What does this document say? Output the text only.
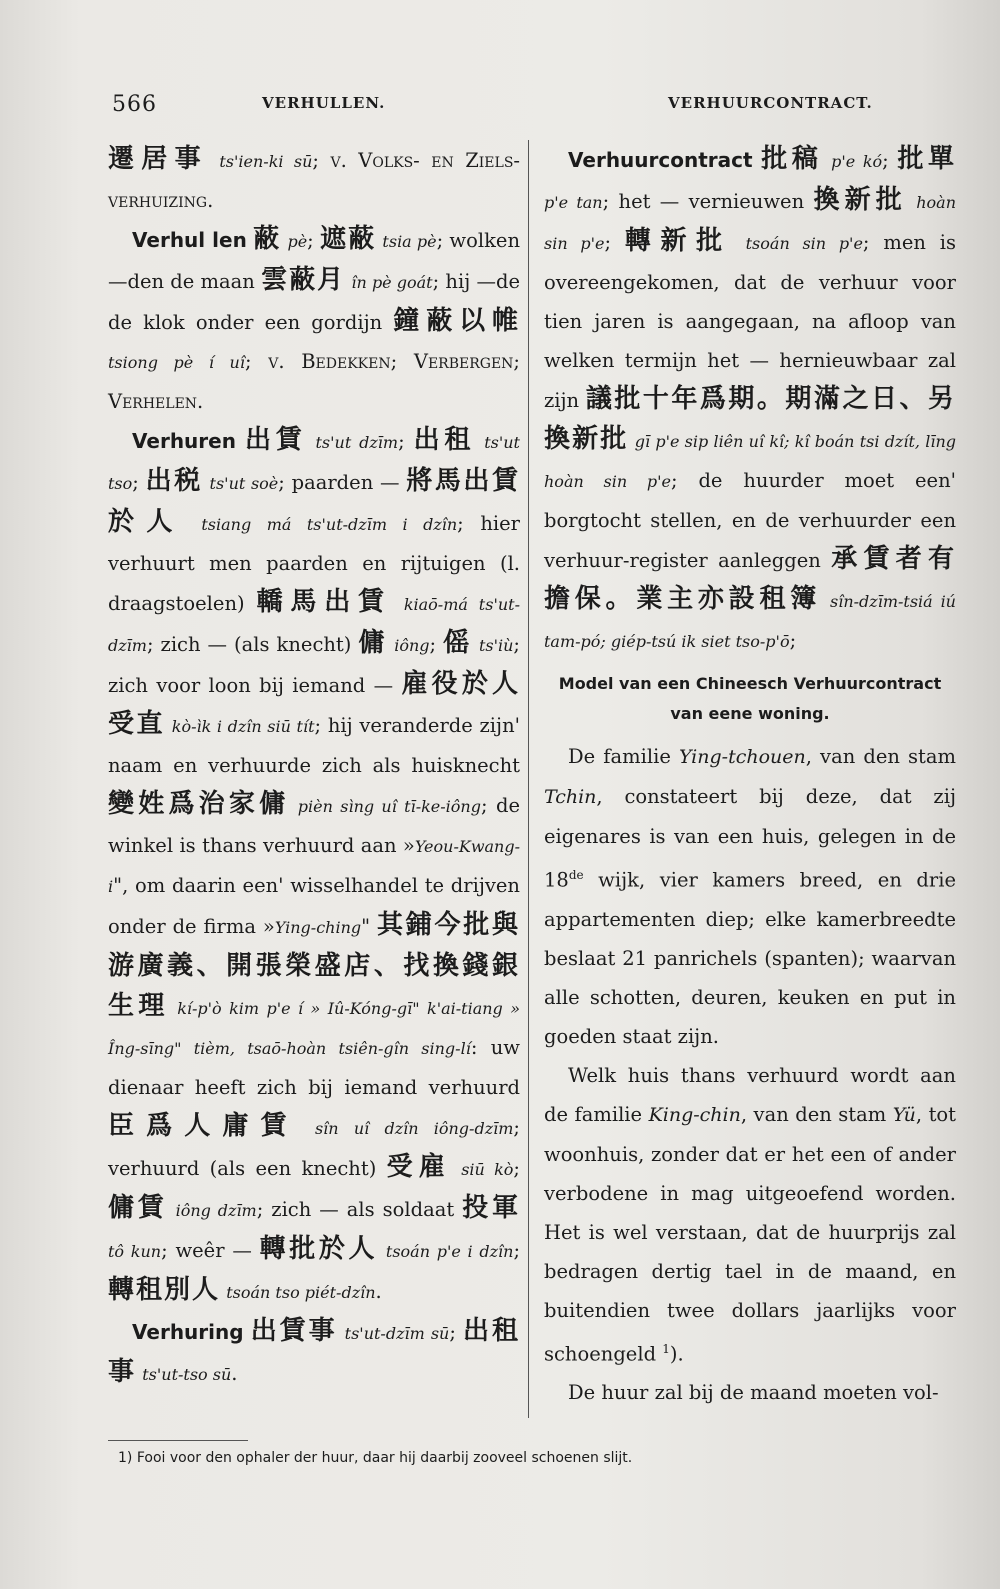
566	VERHULLEN.	VERHUURCONTRACT.

遷居事 ts'ien-ki sū; v. Volks- en Ziels-verhuizing.

Verhul len 蔽 pè; 遮蔽 tsia pè; wolken —den de maan 雲蔽月 în pè goát; hij —de de klok onder een gordijn 鐘蔽以帷 tsiong pè í uî; v. Bedekken; Verbergen; Verhelen.

Verhuren 出賃 ts'ut dzīm; 出租 ts'ut tso; 出税 ts'ut soè; paarden — 將馬出賃於人 tsiang má ts'ut-dzīm i dzîn; hier verhuurt men paarden en rijtuigen (l. draagstoelen) 轎馬出賃 kiaō-má ts'ut-dzīm; zich — (als knecht) 傭 iông; 傜 ts'iù; zich voor loon bij iemand — 雇役於人受直 kò-ìk i dzîn siū tít; hij veranderde zijn' naam en verhuurde zich als huisknecht 變姓爲治家傭 pièn sìng uî tī-ke-iông; de winkel is thans verhuurd aan »Yeou-Kwang-i", om daarin een' wisselhandel te drijven onder de firma »Ying-ching" 其鋪今批與游廣義、開張榮盛店、找換錢銀生理 kí-p'ò kim p'e í » Iû-Kóng-gī" k'ai-tiang » Îng-sīng" tièm, tsaō-hoàn tsiên-gîn sing-lí: uw dienaar heeft zich bij iemand verhuurd 臣爲人庸賃 sîn uî dzîn iông-dzīm; verhuurd (als een knecht) 受雇 siū kò; 傭賃 iông dzīm; zich — als soldaat 投軍 tô kun; weêr — 轉批於人 tsoán p'e i dzîn; 轉租別人 tsoán tso piét-dzîn.

Verhuring 出賃事 ts'ut-dzīm sū; 出租事 ts'ut-tso sū.

Verhuurcontract 批稿 p'e kó; 批單 p'e tan; het — vernieuwen 換新批 hoàn sin p'e; 轉新批 tsoán sin p'e; men is overeengekomen, dat de verhuur voor tien jaren is aangegaan, na afloop van welken termijn het — hernieuwbaar zal zijn 議批十年爲期。期滿之日、另換新批 gī p'e sip liên uî kî; kî boán tsi dzít, līng hoàn sin p'e; de huurder moet een' borgtocht stellen, en de verhuurder een verhuur-register aanleggen 承賃者有擔保。業主亦設租簿 sîn-dzīm-tsiá iú tam-pó; giép-tsú ik siet tso-p'ō;

Model van een Chineesch Verhuurcontract van eene woning.

De familie Ying-tchouen, van den stam Tchin, constateert bij deze, dat zij eigenares is van een huis, gelegen in de 18de wijk, vier kamers breed, en drie appartementen diep; elke kamerbreedte beslaat 21 panrichels (spanten); waarvan alle schotten, deuren, keuken en put in goeden staat zijn.

Welk huis thans verhuurd wordt aan de familie King-chin, van den stam Yü, tot woonhuis, zonder dat er het een of ander verbodene in mag uitgeoefend worden. Het is wel verstaan, dat de huurprijs zal bedragen dertig tael in de maand, en buitendien twee dollars jaarlijks voor schoengeld $^1$).

De huur zal bij de maand moeten vol-

1) Fooi voor den ophaler der huur, daar hij daarbij zooveel schoenen slijt.
